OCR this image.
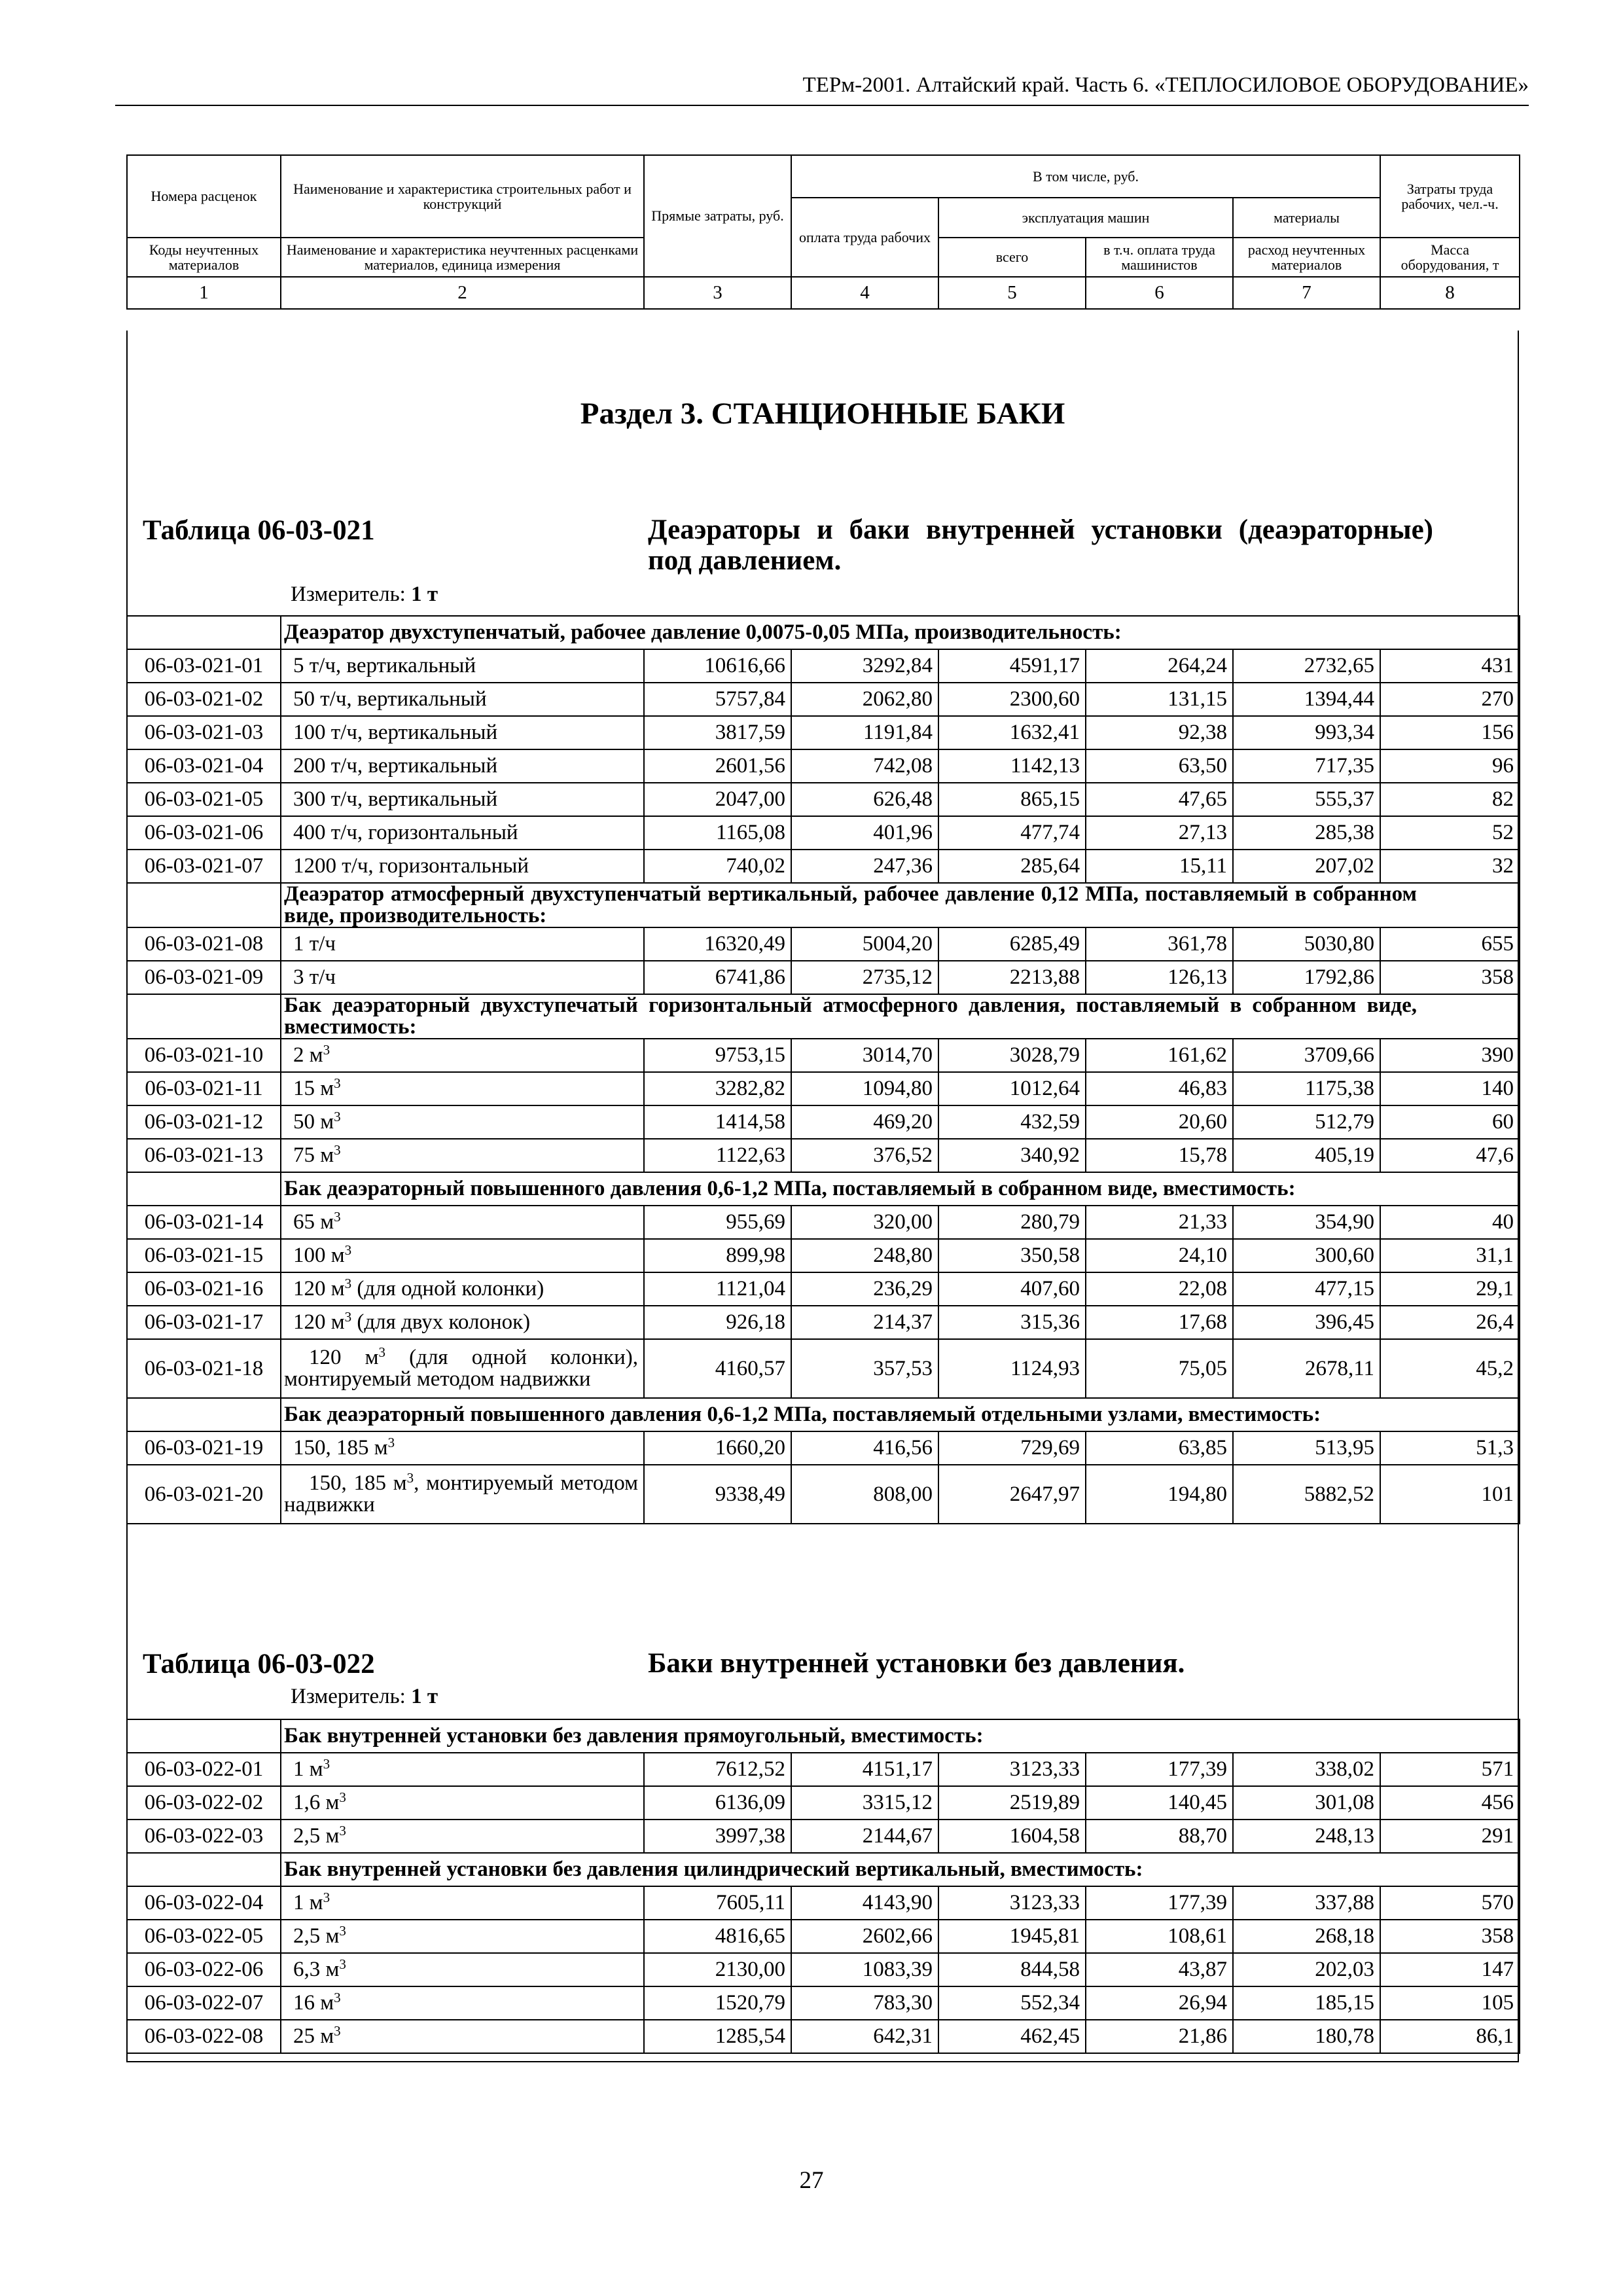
ТЕРм-2001. Алтайский край. Часть 6. «ТЕПЛОСИЛОВОЕ ОБОРУДОВАНИЕ»
Номера расценок	Наименование и характеристика строительных работ и конструкций	Прямые затраты, руб.	В том числе, руб.				Затраты труда рабочих, чел.-ч.
			оплата труда рабочих	эксплуатация машин		материалы	
Коды неучтенных материалов	Наименование и характеристика неучтенных расценками материалов, единица измерения			всего	в т.ч. оплата труда машинистов	расход неучтенных материалов	Масса оборудования, т

1	2	3	4	5	6	7	8
Раздел 3. СТАНЦИОННЫЕ БАКИ
Таблица 06-03-021	Деаэраторы и баки внутренней установки (деаэраторные) под давлением.
Измеритель: 1 т
	Деаэратор двухступенчатый, рабочее давление 0,0075-0,05 МПа, производительность:						
06-03-021-01	5 т/ч, вертикальный	10616,66	3292,84	4591,17	264,24	2732,65	431
06-03-021-02	50 т/ч, вертикальный	5757,84	2062,80	2300,60	131,15	1394,44	270
06-03-021-03	100 т/ч, вертикальный	3817,59	1191,84	1632,41	92,38	993,34	156
06-03-021-04	200 т/ч, вертикальный	2601,56	742,08	1142,13	63,50	717,35	96
06-03-021-05	300 т/ч, вертикальный	2047,00	626,48	865,15	47,65	555,37	82
06-03-021-06	400 т/ч, горизонтальный	1165,08	401,96	477,74	27,13	285,38	52
06-03-021-07	1200 т/ч, горизонтальный	740,02	247,36	285,64	15,11	207,02	32
	Деаэратор атмосферный двухступенчатый вертикальный, рабочее давление 0,12 МПа, поставляемый в собранном виде, производительность:						
06-03-021-08	1 т/ч	16320,49	5004,20	6285,49	361,78	5030,80	655
06-03-021-09	3 т/ч	6741,86	2735,12	2213,88	126,13	1792,86	358
	Бак деаэраторный двухступечатый горизонтальный атмосферного давления, поставляемый в собранном виде, вместимость:						
06-03-021-10	2 $м^3$	9753,15	3014,70	3028,79	161,62	3709,66	390
06-03-021-11	15 $м^3$	3282,82	1094,80	1012,64	46,83	1175,38	140
06-03-021-12	50 $м^3$	1414,58	469,20	432,59	20,60	512,79	60
06-03-021-13	75 $м^3$	1122,63	376,52	340,92	15,78	405,19	47,6
	Бак деаэраторный повышенного давления 0,6-1,2 МПа, поставляемый в собранном виде, вместимость:						
06-03-021-14	65 $м^3$	955,69	320,00	280,79	21,33	354,90	40
06-03-021-15	100 $м^3$	899,98	248,80	350,58	24,10	300,60	31,1
06-03-021-16	120 $м^3$ (для одной колонки)	1121,04	236,29	407,60	22,08	477,15	29,1
06-03-021-17	120 $м^3$ (для двух колонок)	926,18	214,37	315,36	17,68	396,45	26,4
06-03-021-18	120 $м^3$ (для одной колонки), монтируемый методом надвижки	4160,57	357,53	1124,93	75,05	2678,11	45,2
	Бак деаэраторный повышенного давления 0,6-1,2 МПа, поставляемый отдельными узлами, вместимость:						
06-03-021-19	150, 185 $м^3$	1660,20	416,56	729,69	63,85	513,95	51,3
06-03-021-20	150, 185 $м^3$, монтируемый методом надвижки	9338,49	808,00	2647,97	194,80	5882,52	101
Таблица 06-03-022	Баки внутренней установки без давления.
Измеритель: 1 т
	Бак внутренней установки без давления прямоугольный, вместимость:						
06-03-022-01	1 $м^3$	7612,52	4151,17	3123,33	177,39	338,02	571
06-03-022-02	1,6 $м^3$	6136,09	3315,12	2519,89	140,45	301,08	456
06-03-022-03	2,5 $м^3$	3997,38	2144,67	1604,58	88,70	248,13	291
	Бак внутренней установки без давления цилиндрический вертикальный, вместимость:						
06-03-022-04	1 $м^3$	7605,11	4143,90	3123,33	177,39	337,88	570
06-03-022-05	2,5 $м^3$	4816,65	2602,66	1945,81	108,61	268,18	358
06-03-022-06	6,3 $м^3$	2130,00	1083,39	844,58	43,87	202,03	147
06-03-022-07	16 $м^3$	1520,79	783,30	552,34	26,94	185,15	105
06-03-022-08	25 $м^3$	1285,54	642,31	462,45	21,86	180,78	86,1
27
